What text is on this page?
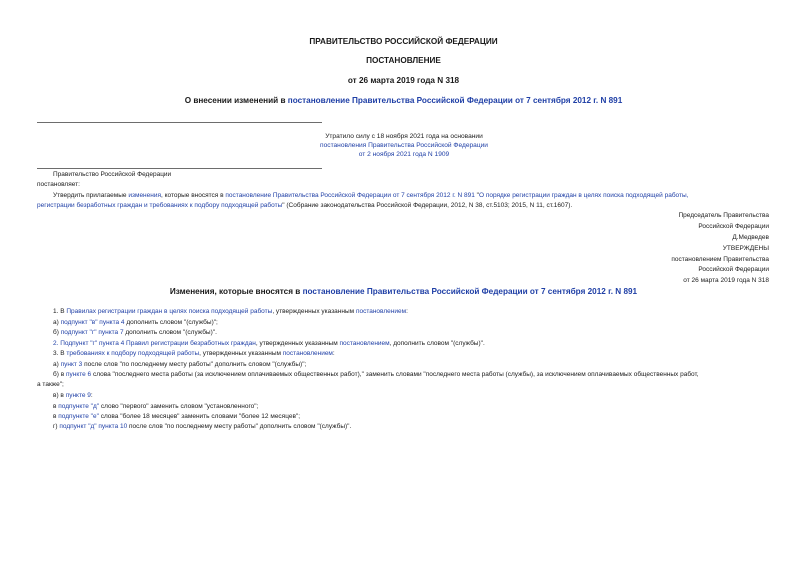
ПРАВИТЕЛЬСТВО РОССИЙСКОЙ ФЕДЕРАЦИИ
ПОСТАНОВЛЕНИЕ
от 26 марта 2019 года N 318
О внесении изменений в постановление Правительства Российской Федерации от 7 сентября 2012 г. N 891
Утратило силу с 18 ноября 2021 года на основании
постановления Правительства Российской Федерации
от 2 ноября 2021 года N 1909
Правительство Российской Федерации
постановляет:
Утвердить прилагаемые изменения, которые вносятся в постановление Правительства Российской Федерации от 7 сентября 2012 г. N 891 "О порядке регистрации граждан в целях поиска подходящей работы,
регистрации безработных граждан и требованиях к подбору подходящей работы" (Собрание законодательства Российской Федерации, 2012, N 38, ст.5103; 2015, N 11, ст.1607).
Председатель Правительства
Российской Федерации
Д.Медведев
УТВЕРЖДЕНЫ
постановлением Правительства
Российской Федерации
от 26 марта 2019 года N 318
Изменения, которые вносятся в постановление Правительства Российской Федерации от 7 сентября 2012 г. N 891
1. В Правилах регистрации граждан в целях поиска подходящей работы, утвержденных указанным постановлением:
а) подпункт "в" пункта 4 дополнить словом "(службы)";
б) подпункт "г" пункта 7 дополнить словом "(службы)".
2. Подпункт "г" пункта 4 Правил регистрации безработных граждан, утвержденных указанным постановлением, дополнить словом "(службы)".
3. В требованиях к подбору подходящей работы, утвержденных указанным постановлением:
а) пункт 3 после слов "по последнему месту работы" дополнить словом "(службы)";
б) в пункте 6 слова "последнего места работы (за исключением оплачиваемых общественных работ)," заменить словами "последнего места работы (службы), за исключением оплачиваемых общественных работ,
а также";
в) в пункте 9:
в подпункте "д" слово "первого" заменить словом "установленного";
в подпункте "е" слова "более 18 месяцев" заменить словами "более 12 месяцев";
г) подпункт "д" пункта 10 после слов "по последнему месту работы" дополнить словом "(службы)".
